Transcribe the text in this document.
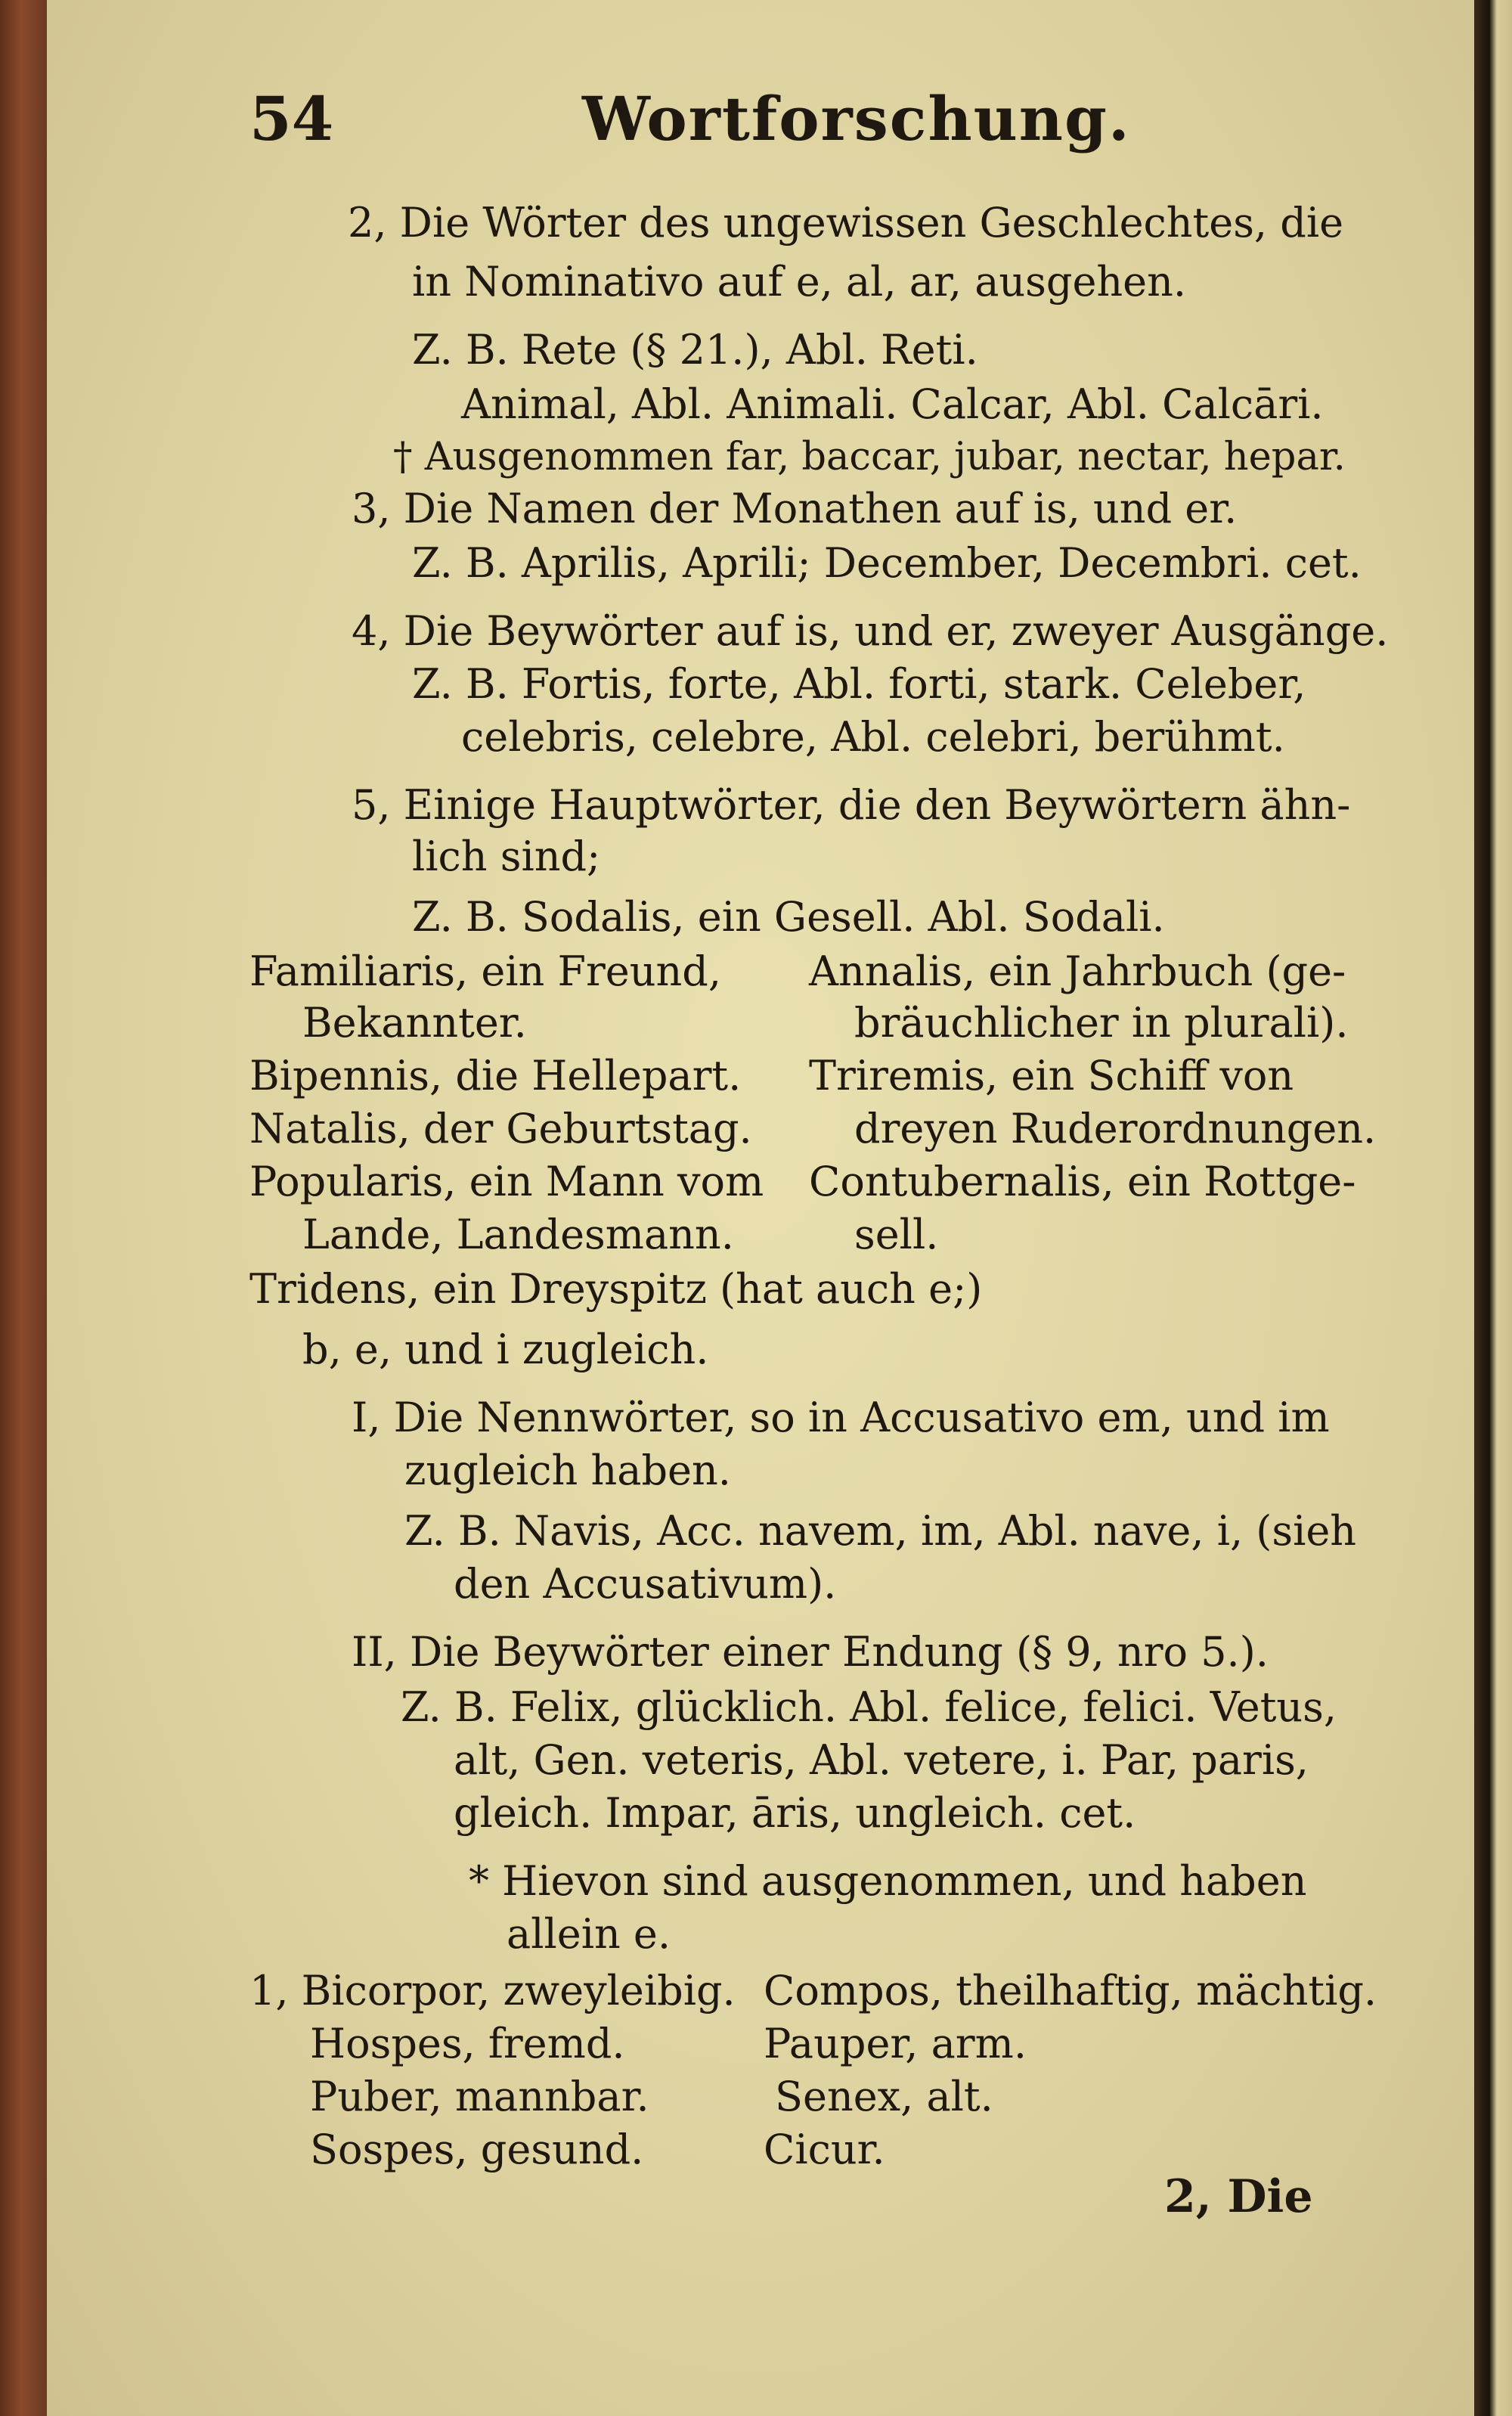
54	Wortforschung.
2, Die Wörter des ungewissen Geschlechtes, die
in Nominativo auf e, al, ar, ausgehen.
Z. B. Rete (§ 21.), Abl. Reti.
Animal, Abl. Animali. Calcar, Abl. Calcāri.
† Ausgenommen far, baccar, jubar, nectar, hepar.
3, Die Namen der Monathen auf is, und er.
Z. B. Aprilis, Aprili; December, Decembri. cet.
4, Die Beywörter auf is, und er, zweyer Ausgänge.
Z. B. Fortis, forte, Abl. forti, stark. Celeber,
celebris, celebre, Abl. celebri, berühmt.
5, Einige Hauptwörter, die den Beywörtern ähn-
lich sind;
Z. B. Sodalis, ein Gesell. Abl. Sodali.
Familiaris, ein Freund,
Bekannter.
Bipennis, die Hellepart.
Natalis, der Geburtstag.
Popularis, ein Mann vom
Lande, Landesmann.
Annalis, ein Jahrbuch (ge-
bräuchlicher in plurali).
Triremis, ein Schiff von
dreyen Ruderordnungen.
Contubernalis, ein Rottge-
sell.
Tridens, ein Dreyspitz (hat auch e;)
b, e, und i zugleich.
I, Die Nennwörter, so in Accusativo em, und im
zugleich haben.
Z. B. Navis, Acc. navem, im, Abl. nave, i, (sieh
den Accusativum).
II, Die Beywörter einer Endung (§ 9, nro 5.).
Z. B. Felix, glücklich. Abl. felice, felici. Vetus,
alt, Gen. veteris, Abl. vetere, i. Par, paris,
gleich. Impar, āris, ungleich. cet.
* Hievon sind ausgenommen, und haben
allein e.
1, Bicorpor, zweyleibig.
Hospes, fremd.
Puber, mannbar.
Sospes, gesund.
Compos, theilhaftig, mächtig.
Pauper, arm.
Senex, alt.
Cicur.
2, Die
